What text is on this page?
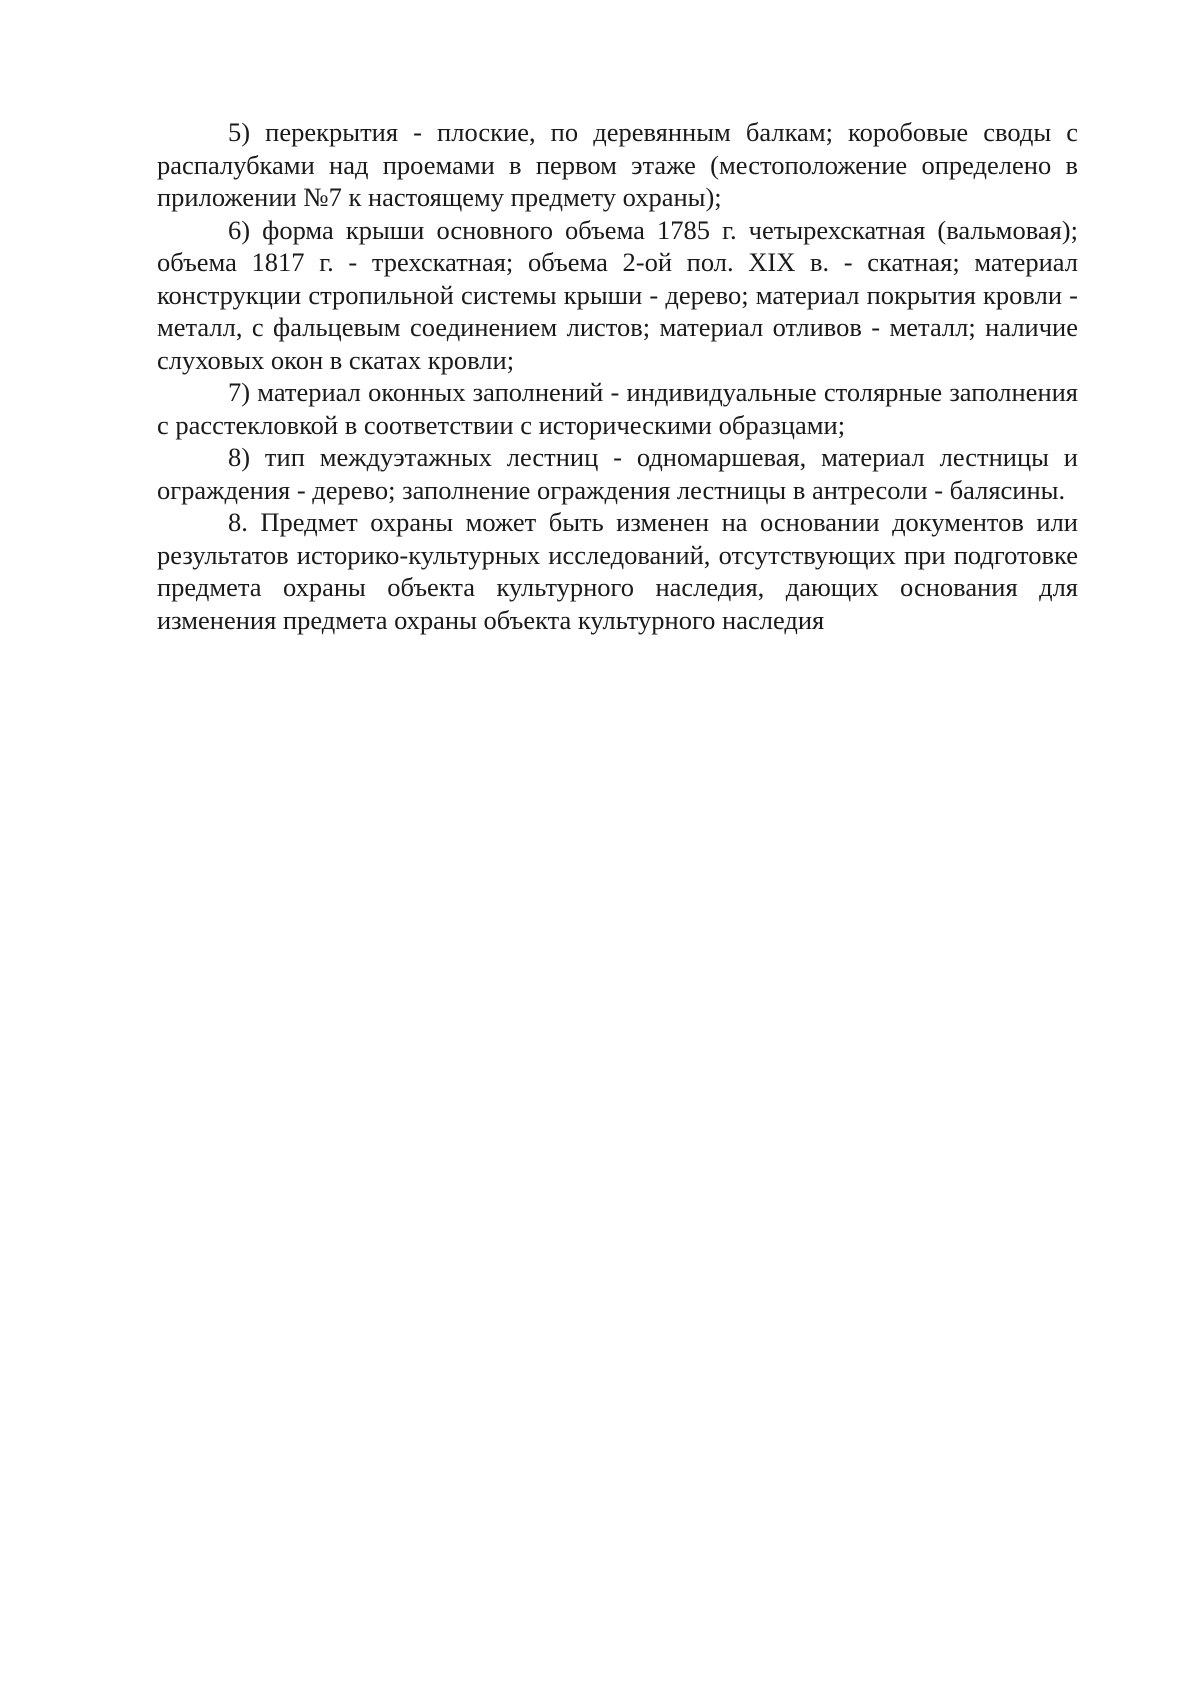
5) перекрытия - плоские, по деревянным балкам; коробовые своды с распалубками над проемами в первом этаже (местоположение определено в приложении №7 к настоящему предмету охраны);

6) форма крыши основного объема 1785 г. четырехскатная (вальмовая); объема 1817 г. - трехскатная; объема 2-ой пол. XIX в. - скатная; материал конструкции стропильной системы крыши - дерево; материал покрытия кровли - металл, с фальцевым соединением листов; материал отливов - металл; наличие слуховых окон в скатах кровли;

7) материал оконных заполнений - индивидуальные столярные заполнения с расстекловкой в соответствии с историческими образцами;

8) тип междуэтажных лестниц - одномаршевая, материал лестницы и ограждения - дерево; заполнение ограждения лестницы в антресоли - балясины.

8. Предмет охраны может быть изменен на основании документов или результатов историко-культурных исследований, отсутствующих при подготовке предмета охраны объекта культурного наследия, дающих основания для изменения предмета охраны объекта культурного наследия
